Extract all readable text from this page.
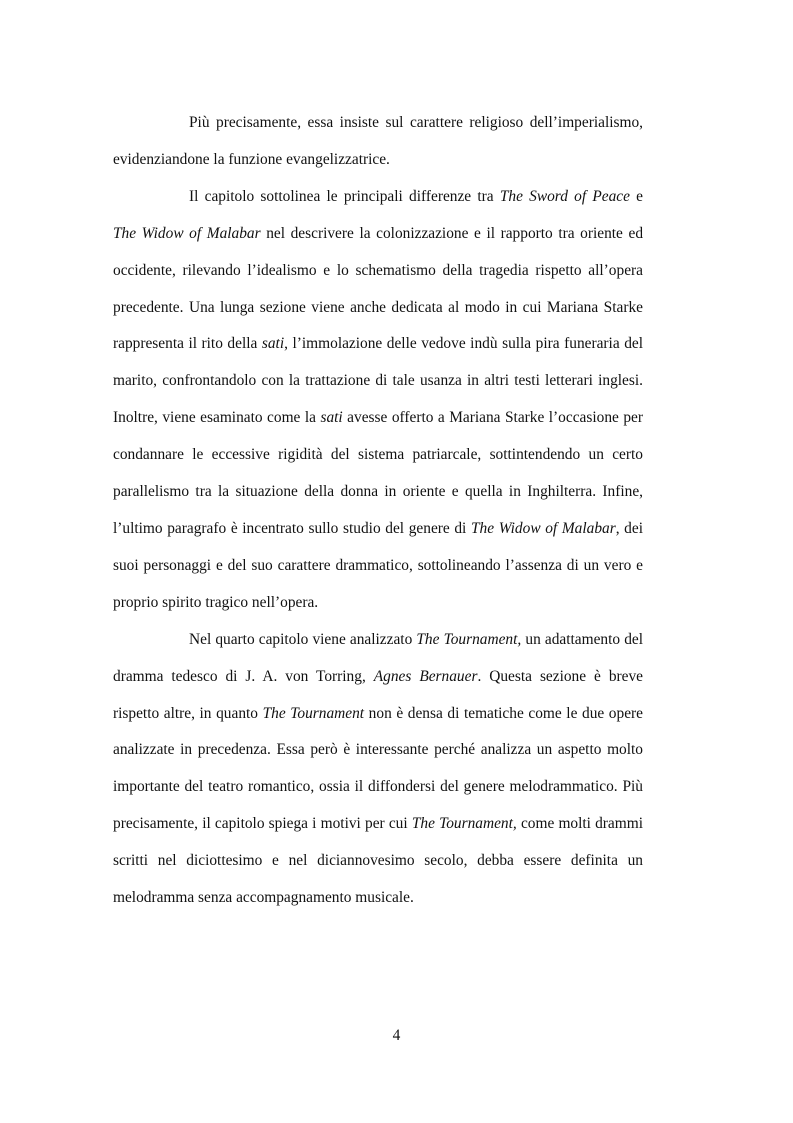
Più precisamente, essa insiste sul carattere religioso dell’imperialismo, evidenziandone la funzione evangelizzatrice.

Il capitolo sottolinea le principali differenze tra The Sword of Peace e The Widow of Malabar nel descrivere la colonizzazione e il rapporto tra oriente ed occidente, rilevando l’idealismo e lo schematismo della tragedia rispetto all’opera precedente. Una lunga sezione viene anche dedicata al modo in cui Mariana Starke rappresenta il rito della sati, l’immolazione delle vedove indù sulla pira funeraria del marito, confrontandolo con la trattazione di tale usanza in altri testi letterari inglesi. Inoltre, viene esaminato come la sati avesse offerto a Mariana Starke l’occasione per condannare le eccessive rigidità del sistema patriarcale, sottintendendo un certo parallelismo tra la situazione della donna in oriente e quella in Inghilterra. Infine, l’ultimo paragrafo è incentrato sullo studio del genere di The Widow of Malabar, dei suoi personaggi e del suo carattere drammatico, sottolineando l’assenza di un vero e proprio spirito tragico nell’opera.

Nel quarto capitolo viene analizzato The Tournament, un adattamento del dramma tedesco di J. A. von Torring, Agnes Bernauer. Questa sezione è breve rispetto altre, in quanto The Tournament non è densa di tematiche come le due opere analizzate in precedenza. Essa però è interessante perché analizza un aspetto molto importante del teatro romantico, ossia il diffondersi del genere melodrammatico. Più precisamente, il capitolo spiega i motivi per cui The Tournament, come molti drammi scritti nel diciottesimo e nel diciannovesimo secolo, debba essere definita un melodramma senza accompagnamento musicale.

4
